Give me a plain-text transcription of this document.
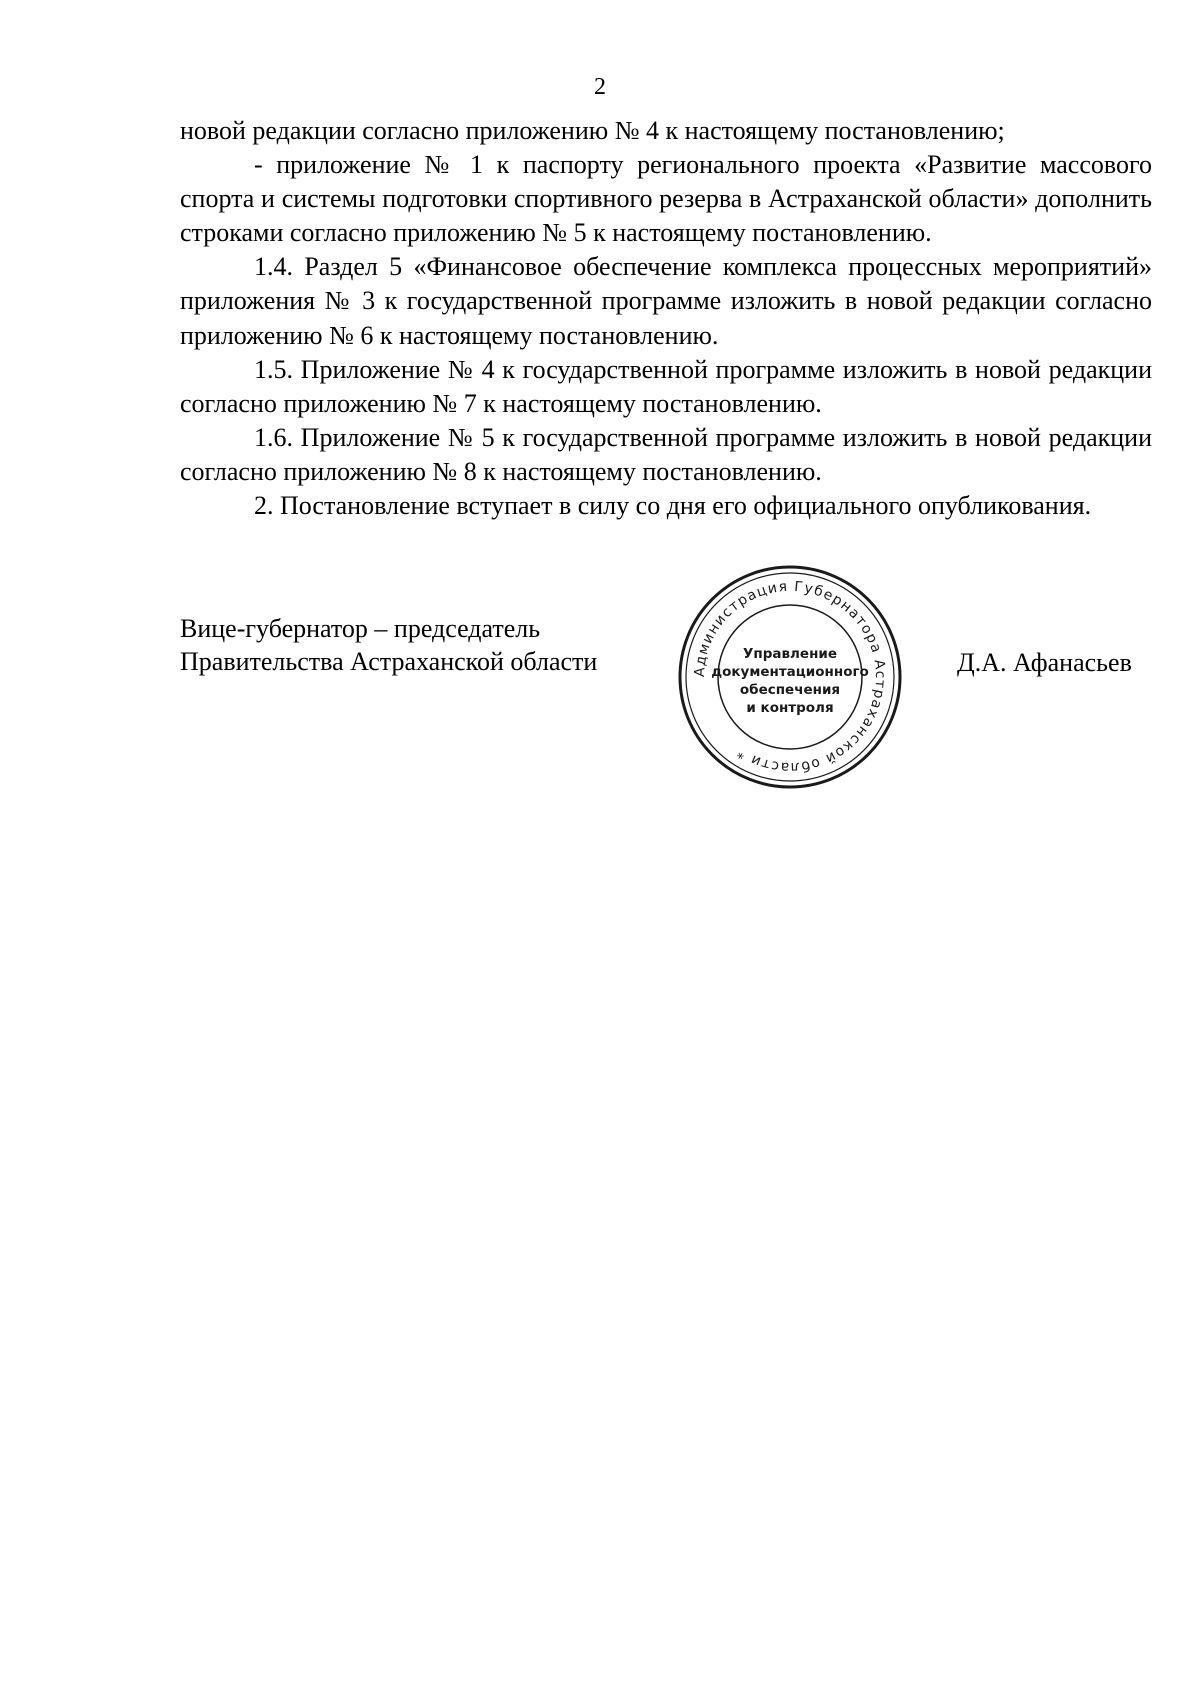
2

новой редакции согласно приложению № 4 к настоящему постановлению;

- приложение № 1 к паспорту регионального проекта «Развитие массового спорта и системы подготовки спортивного резерва в Астраханской области» дополнить строками согласно приложению № 5 к настоящему постановлению.

1.4. Раздел 5 «Финансовое обеспечение комплекса процессных мероприятий» приложения № 3 к государственной программе изложить в новой редакции согласно приложению № 6 к настоящему постановлению.

1.5. Приложение № 4 к государственной программе изложить в новой редакции согласно приложению № 7 к настоящему постановлению.

1.6. Приложение № 5 к государственной программе изложить в новой редакции согласно приложению № 8 к настоящему постановлению.

2. Постановление вступает в силу со дня его официального опубликования.

Вице-губернатор – председатель
Правительства Астраханской области	Администрация Губернатора Астраханской области *
Управление
документационного
обеспечения
и контроля
Д.А. Афанасьев
